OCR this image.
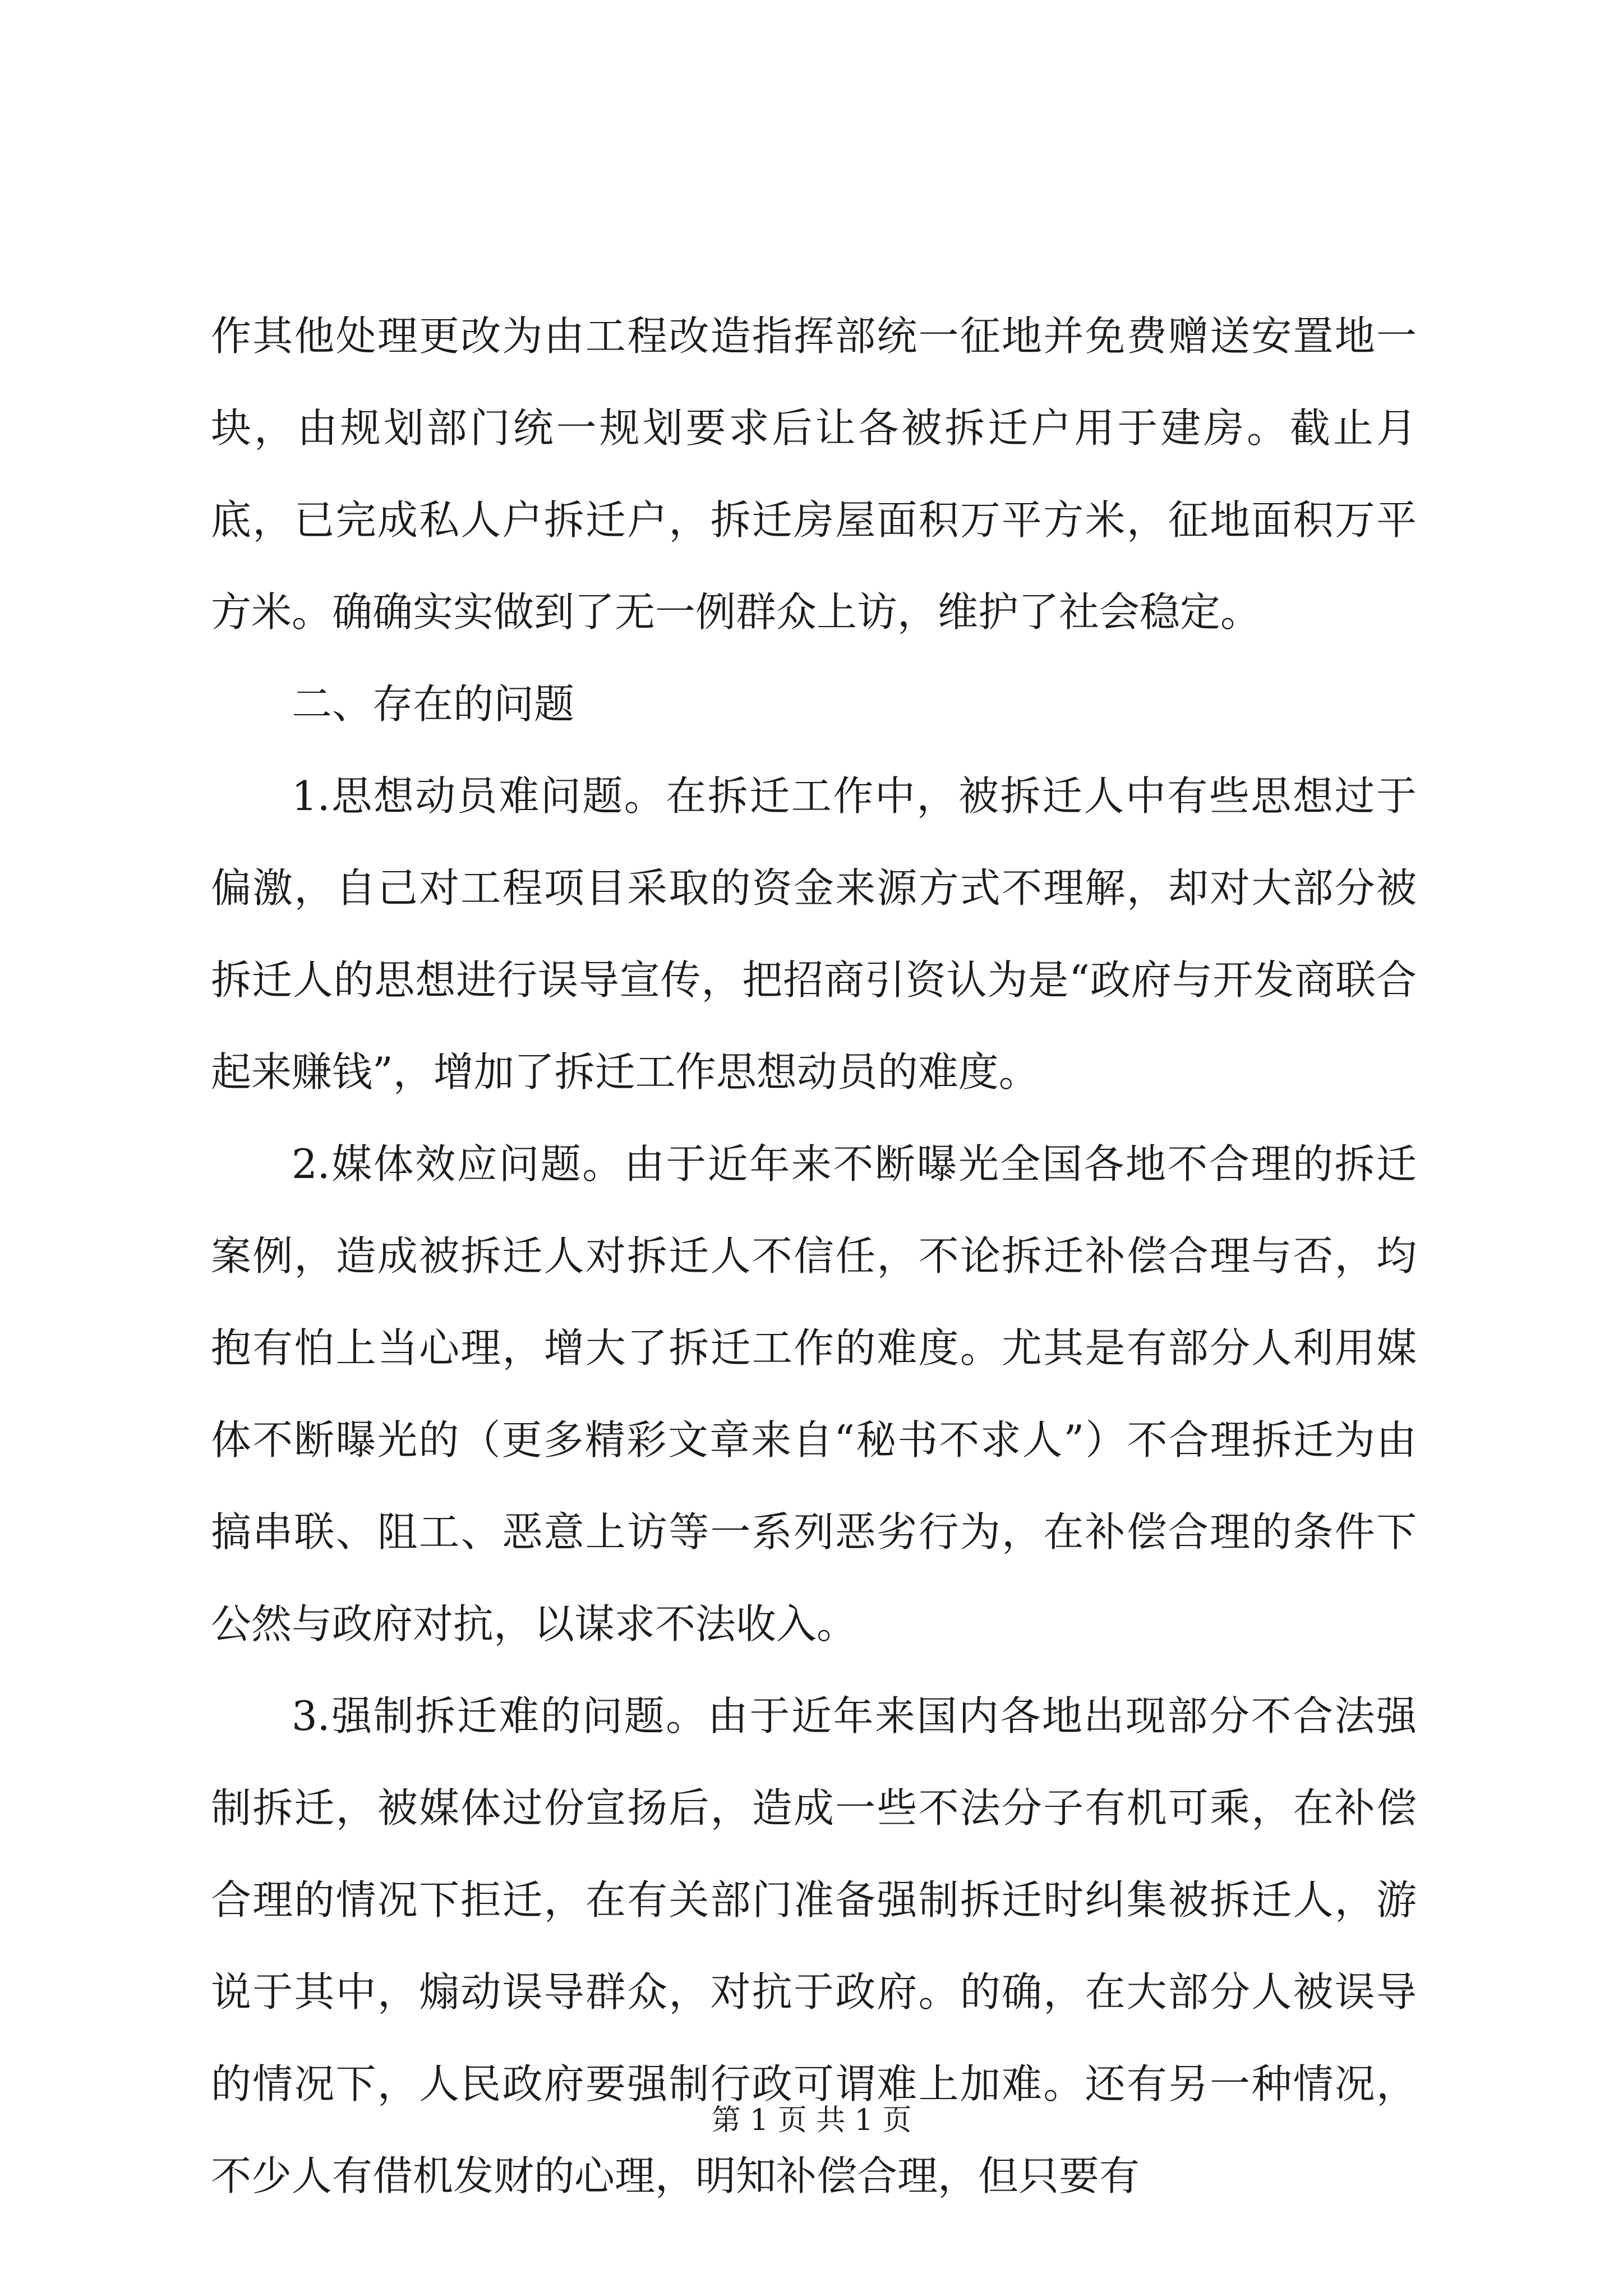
作其他处理更改为由工程改造指挥部统一征地并免费赠送安置地一块，由规划部门统一规划要求后让各被拆迁户用于建房。截止月底，已完成私人户拆迁户，拆迁房屋面积万平方米，征地面积万平方米。确确实实做到了无一例群众上访，维护了社会稳定。

二、存在的问题

1.思想动员难问题。在拆迁工作中，被拆迁人中有些思想过于偏激，自己对工程项目采取的资金来源方式不理解，却对大部分被拆迁人的思想进行误导宣传，把招商引资认为是“政府与开发商联合起来赚钱”，增加了拆迁工作思想动员的难度。

2.媒体效应问题。由于近年来不断曝光全国各地不合理的拆迁案例，造成被拆迁人对拆迁人不信任，不论拆迁补偿合理与否，均抱有怕上当心理，增大了拆迁工作的难度。尤其是有部分人利用媒体不断曝光的（更多精彩文章来自“秘书不求人”）不合理拆迁为由搞串联、阻工、恶意上访等一系列恶劣行为，在补偿合理的条件下公然与政府对抗，以谋求不法收入。

3.强制拆迁难的问题。由于近年来国内各地出现部分不合法强制拆迁，被媒体过份宣扬后，造成一些不法分子有机可乘，在补偿合理的情况下拒迁，在有关部门准备强制拆迁时纠集被拆迁人，游说于其中，煽动误导群众，对抗于政府。的确，在大部分人被误导的情况下，人民政府要强制行政可谓难上加难。还有另一种情况，不少人有借机发财的心理，明知补偿合理，但只要有

第 1 页 共 1 页
